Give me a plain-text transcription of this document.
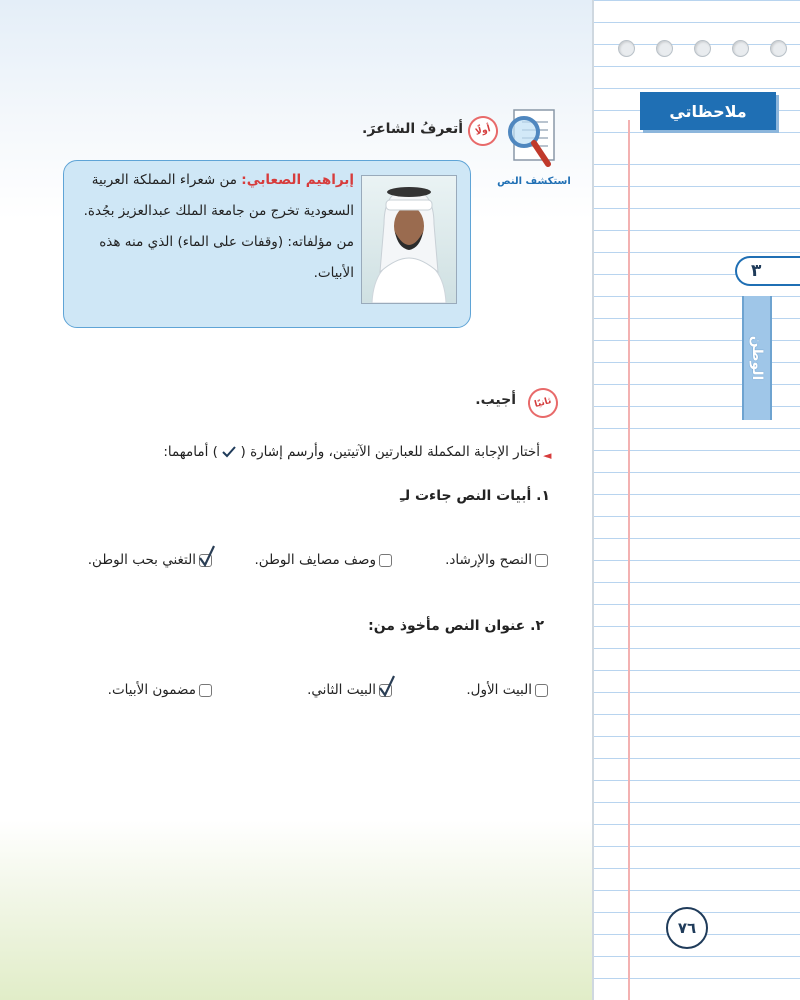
ملاحظاتي
٣
الوطن
أولًا
أتعرفُ الشاعرَ.
استكشف النص
إبراهيم الصعابي: من شعراء المملكة العربية السعودية تخرج من جامعة الملك عبدالعزيز بجُدة.
من مؤلفاته: (وقفات على الماء) الذي منه هذه الأبيات.
ثانيًا
أجيب.
◄
أختار الإجابة المكملة للعبارتين الآتيتين، وأرسم إشارة (  ) أمامهما:
١. أبيات النص جاءت لـِ
النصح والإرشاد.
وصف مصايف الوطن.
التغني بحب الوطن.
٢. عنوان النص مأخوذ من:
البيت الأول.
البيت الثاني.
مضمون الأبيات.
٧٦
